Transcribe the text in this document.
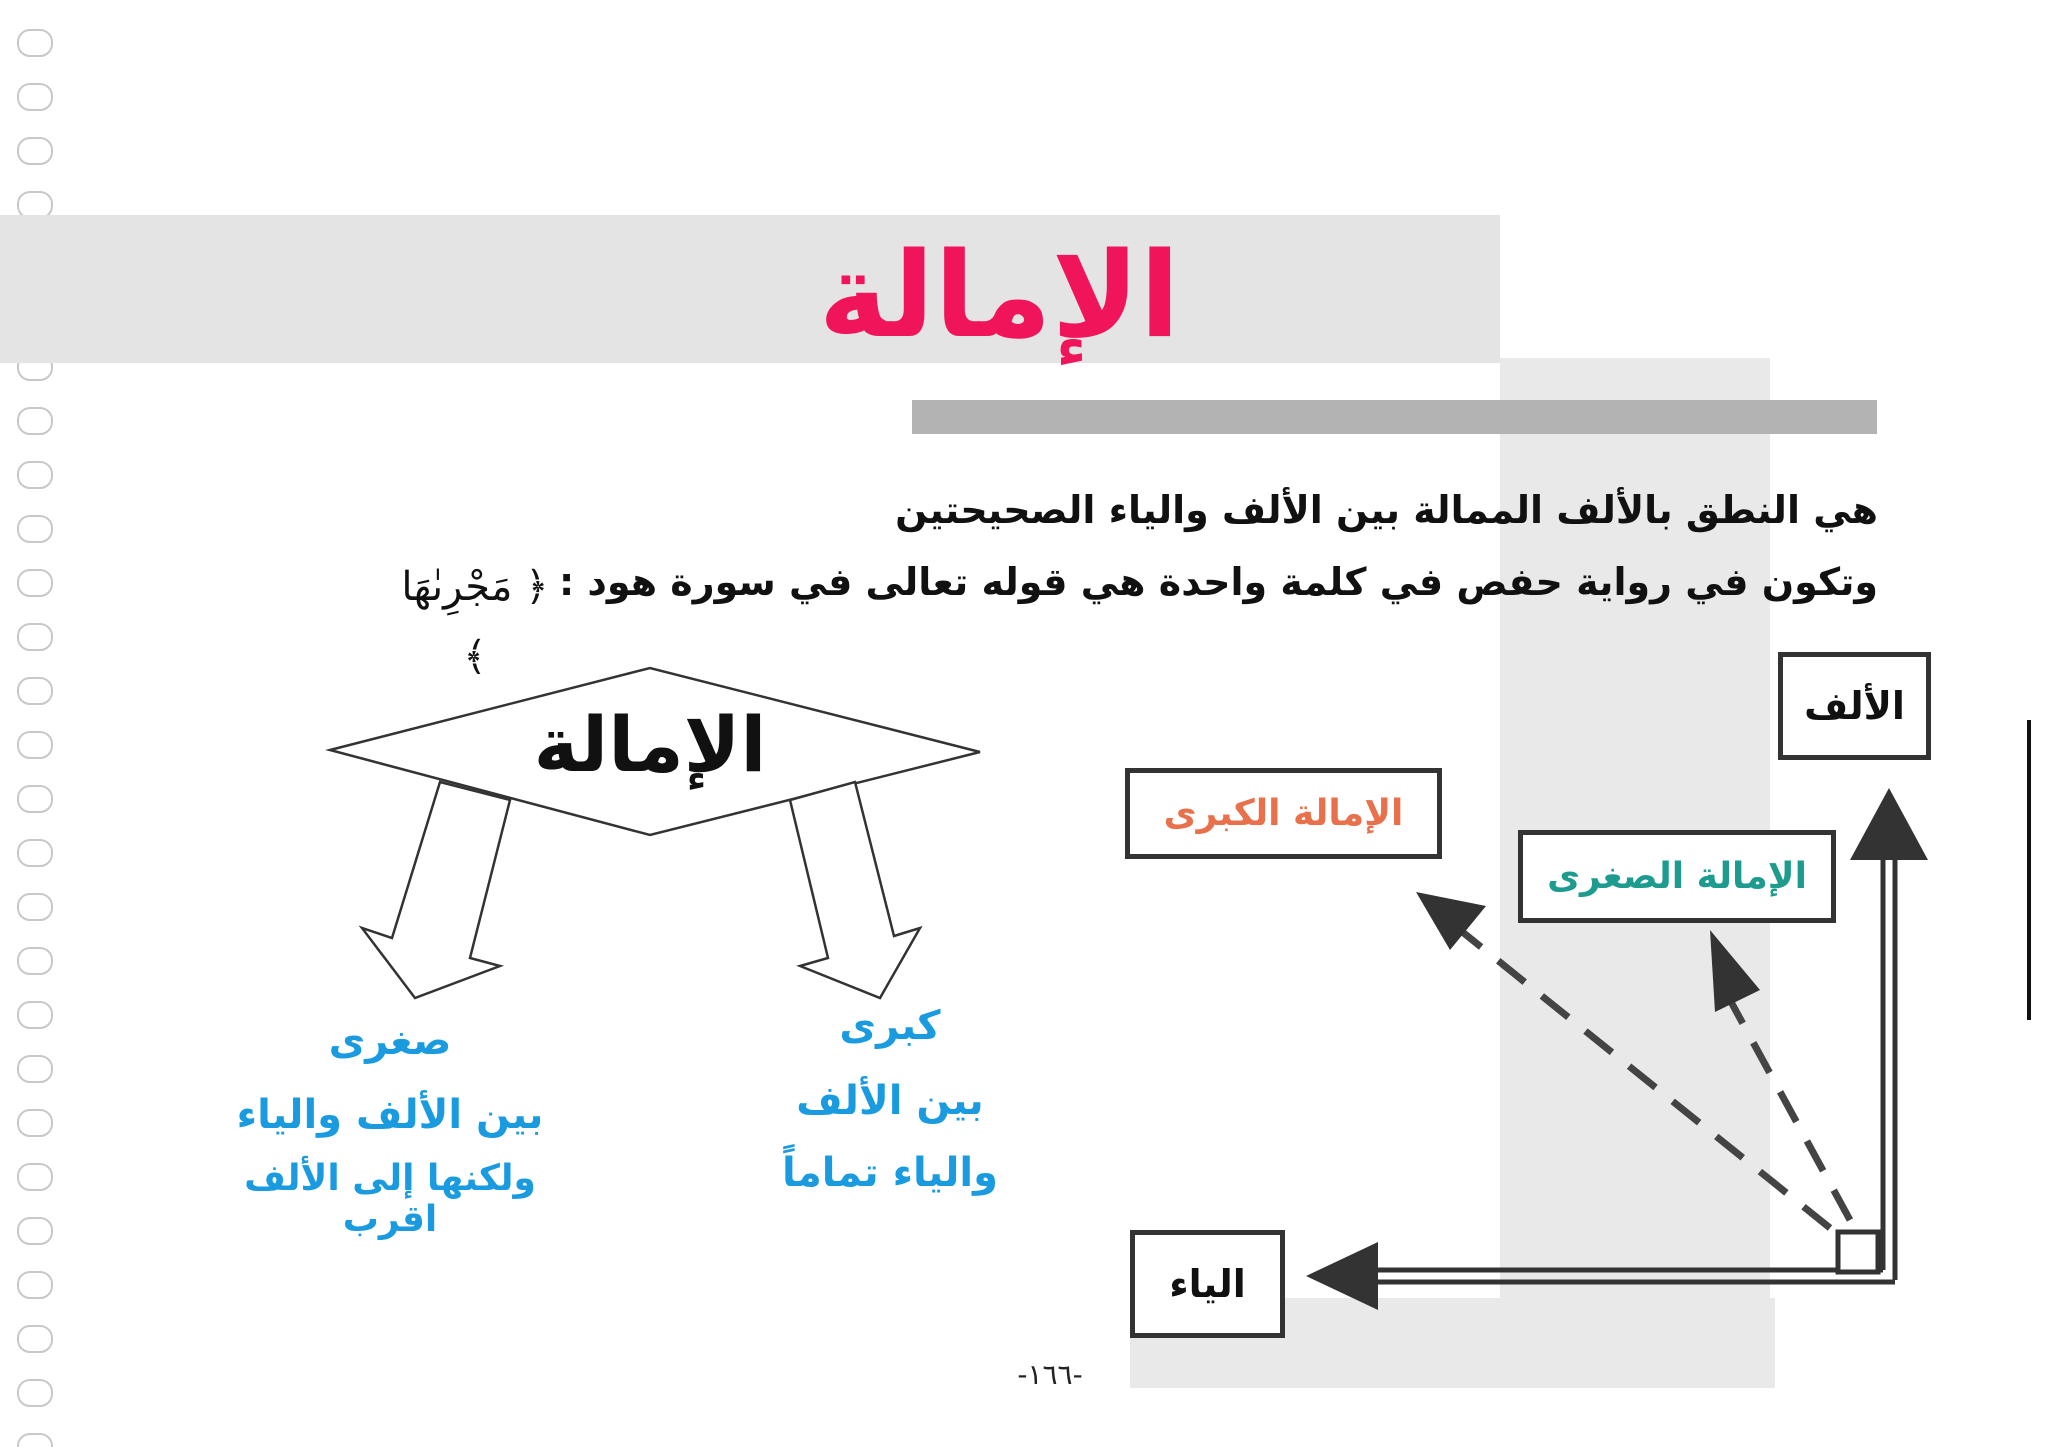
الإمالة
هي النطق بالألف الممالة بين الألف والياء الصحيحتين
وتكون في رواية حفص في كلمة واحدة هي قوله تعالى في سورة هود :
﴿ مَجْرِىٰهَا ﴾
الإمالة
كبرى
بين الألف
والياء تماماً
صغرى
بين الألف والياء
ولكنها إلى الألف اقرب
الألف
الإمالة الكبرى
الإمالة الصغرى
الياء
-١٦٦-
